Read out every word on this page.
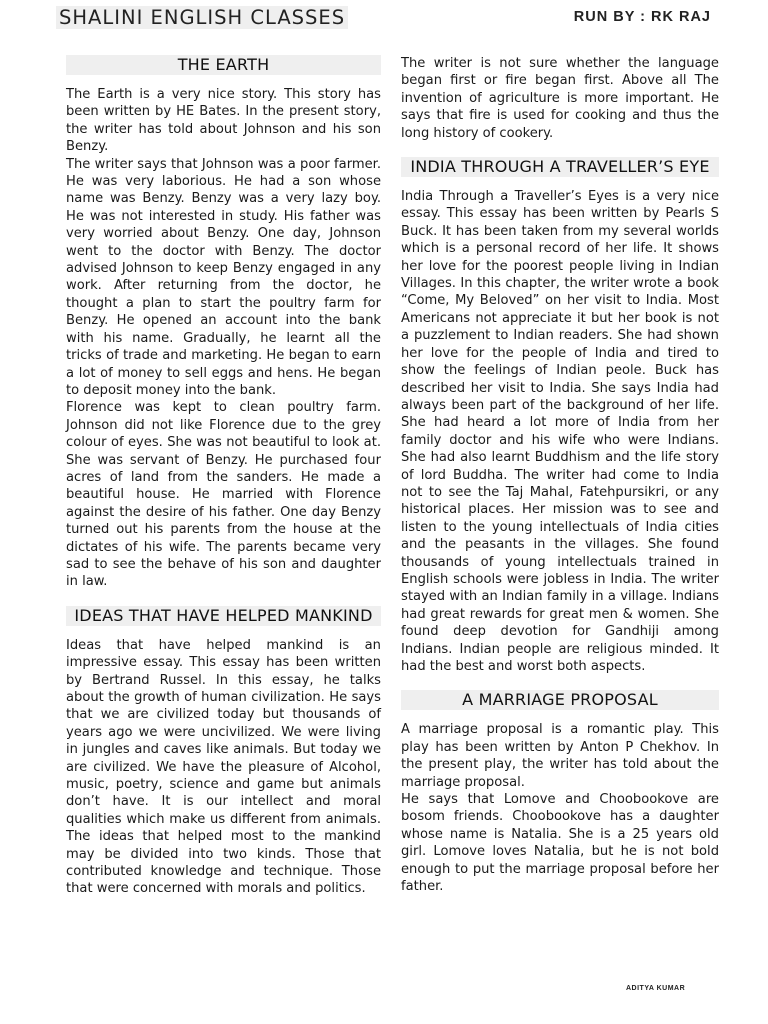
SHALINI ENGLISH CLASSES	RUN BY : RK RAJ
THE EARTH

The Earth is a very nice story. This story has been written by HE Bates. In the present story, the writer has told about Johnson and his son Benzy.

The writer says that Johnson was a poor farmer. He was very laborious. He had a son whose name was Benzy. Benzy was a very lazy boy. He was not interested in study. His father was very worried about Benzy. One day, Johnson went to the doctor with Benzy. The doctor advised Johnson to keep Benzy engaged in any work. After returning from the doctor, he thought a plan to start the poultry farm for Benzy. He opened an account into the bank with his name. Gradually, he learnt all the tricks of trade and marketing. He began to earn a lot of money to sell eggs and hens. He began to deposit money into the bank.

Florence was kept to clean poultry farm. Johnson did not like Florence due to the grey colour of eyes. She was not beautiful to look at. She was servant of Benzy. He purchased four acres of land from the sanders. He made a beautiful house. He married with Florence against the desire of his father. One day Benzy turned out his parents from the house at the dictates of his wife. The parents became very sad to see the behave of his son and daughter in law.

IDEAS THAT HAVE HELPED MANKIND

Ideas that have helped mankind is an impressive essay. This essay has been written by Bertrand Russel. In this essay, he talks about the growth of human civilization. He says that we are civilized today but thousands of years ago we were uncivilized. We were living in jungles and caves like animals. But today we are civilized. We have the pleasure of Alcohol, music, poetry, science and game but animals don’t have. It is our intellect and moral qualities which make us different from animals. The ideas that helped most to the mankind may be divided into two kinds. Those that contributed knowledge and technique. Those that were concerned with morals and politics.

The writer is not sure whether the language began first or fire began first. Above all The invention of agriculture is more important. He says that fire is used for cooking and thus the long history of cookery.

INDIA THROUGH A TRAVELLER’S EYE

India Through a Traveller’s Eyes is a very nice essay. This essay has been written by Pearls S Buck. It has been taken from my several worlds which is a personal record of her life. It shows her love for the poorest people living in Indian Villages. In this chapter, the writer wrote a book “Come, My Beloved” on her visit to India. Most Americans not appreciate it but her book is not a puzzlement to Indian readers. She had shown her love for the people of India and tired to show the feelings of Indian peole. Buck has described her visit to India. She says India had always been part of the background of her life. She had heard a lot more of India from her family doctor and his wife who were Indians. She had also learnt Buddhism and the life story of lord Buddha. The writer had come to India not to see the Taj Mahal, Fatehpursikri, or any historical places. Her mission was to see and listen to the young intellectuals of India cities and the peasants in the villages. She found thousands of young intellectuals trained in English schools were jobless in India. The writer stayed with an Indian family in a village. Indians had great rewards for great men & women. She found deep devotion for Gandhiji among Indians. Indian people are religious minded. It had the best and worst both aspects.

A MARRIAGE PROPOSAL

A marriage proposal is a romantic play. This play has been written by Anton P Chekhov. In the present play, the writer has told about the marriage proposal.

He says that Lomove and Choobookove are bosom friends. Choobookove has a daughter whose name is Natalia. She is a 25 years old girl. Lomove loves Natalia, but he is not bold enough to put the marriage proposal before her father.

ADITYA KUMAR
